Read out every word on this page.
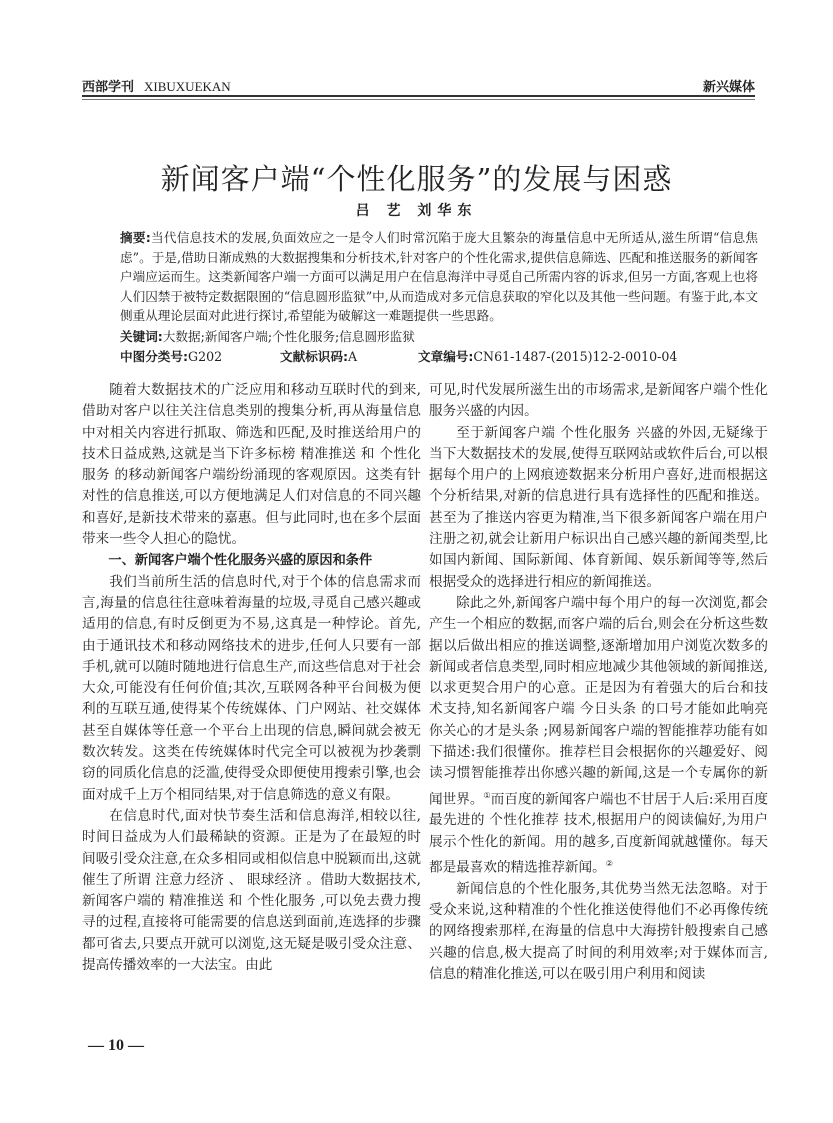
西部学刊 XIBUXUEKAN	新兴媒体
新闻客户端“个性化服务”的发展与困惑
吕 艺 刘华东

摘要:当代信息技术的发展,负面效应之一是令人们时常沉陷于庞大且繁杂的海量信息中无所适从,滋生所谓“信息焦虑”。于是,借助日渐成熟的大数据搜集和分析技术,针对客户的个性化需求,提供信息筛选、匹配和推送服务的新闻客户端应运而生。这类新闻客户端一方面可以满足用户在信息海洋中寻觅自己所需内容的诉求,但另一方面,客观上也将人们囚禁于被特定数据限囿的“信息圆形监狱”中,从而造成对多元信息获取的窄化以及其他一些问题。有鉴于此,本文侧重从理论层面对此进行探讨,希望能为破解这一难题提供一些思路。

关键词:大数据;新闻客户端;个性化服务;信息圆形监狱
中图分类号:G202	文献标识码:A	文章编号:CN61-1487-(2015)12-2-0010-04

随着大数据技术的广泛应用和移动互联时代的到来,借助对客户以往关注信息类别的搜集分析,再从海量信息中对相关内容进行抓取、筛选和匹配,及时推送给用户的技术日益成熟,这就是当下许多标榜 精准推送 和 个性化服务 的移动新闻客户端纷纷涌现的客观原因。这类有针对性的信息推送,可以方便地满足人们对信息的不同兴趣和喜好,是新技术带来的嘉惠。但与此同时,也在多个层面带来一些令人担心的隐忧。

一、新闻客户端个性化服务兴盛的原因和条件

我们当前所生活的信息时代,对于个体的信息需求而言,海量的信息往往意味着海量的垃圾,寻觅自己感兴趣或适用的信息,有时反倒更为不易,这真是一种悖论。首先,由于通讯技术和移动网络技术的进步,任何人只要有一部手机,就可以随时随地进行信息生产,而这些信息对于社会大众,可能没有任何价值;其次,互联网各种平台间极为便利的互联互通,使得某个传统媒体、门户网站、社交媒体甚至自媒体等任意一个平台上出现的信息,瞬间就会被无数次转发。这类在传统媒体时代完全可以被视为抄袭剽窃的同质化信息的泛滥,使得受众即便使用搜索引擎,也会面对成千上万个相同结果,对于信息筛选的意义有限。

在信息时代,面对快节奏生活和信息海洋,相较以往,时间日益成为人们最稀缺的资源。正是为了在最短的时间吸引受众注意,在众多相同或相似信息中脱颖而出,这就催生了所谓 注意力经济 、 眼球经济 。借助大数据技术,新闻客户端的 精准推送 和 个性化服务 ,可以免去费力搜寻的过程,直接将可能需要的信息送到面前,连选择的步骤都可省去,只要点开就可以浏览,这无疑是吸引受众注意、提高传播效率的一大法宝。由此

可见,时代发展所滋生出的市场需求,是新闻客户端个性化服务兴盛的内因。

至于新闻客户端 个性化服务 兴盛的外因,无疑缘于当下大数据技术的发展,使得互联网站或软件后台,可以根据每个用户的上网痕迹数据来分析用户喜好,进而根据这个分析结果,对新的信息进行具有选择性的匹配和推送。甚至为了推送内容更为精准,当下很多新闻客户端在用户注册之初,就会让新用户标识出自己感兴趣的新闻类型,比如国内新闻、国际新闻、体育新闻、娱乐新闻等等,然后根据受众的选择进行相应的新闻推送。

除此之外,新闻客户端中每个用户的每一次浏览,都会产生一个相应的数据,而客户端的后台,则会在分析这些数据以后做出相应的推送调整,逐渐增加用户浏览次数多的新闻或者信息类型,同时相应地减少其他领域的新闻推送,以求更契合用户的心意。正是因为有着强大的后台和技术支持,知名新闻客户端 今日头条 的口号才能如此响亮 你关心的才是头条 ;网易新闻客户端的智能推荐功能有如下描述:我们很懂你。推荐栏目会根据你的兴趣爱好、阅读习惯智能推荐出你感兴趣的新闻,这是一个专属你的新闻世界。①而百度的新闻客户端也不甘居于人后:采用百度最先进的 个性化推荐 技术,根据用户的阅读偏好,为用户展示个性化的新闻。用的越多,百度新闻就越懂你。每天都是最喜欢的精选推荐新闻。②

新闻信息的个性化服务,其优势当然无法忽略。对于受众来说,这种精准的个性化推送使得他们不必再像传统的网络搜索那样,在海量的信息中大海捞针般搜索自己感兴趣的信息,极大提高了时间的利用效率;对于媒体而言,信息的精准化推送,可以在吸引用户利用和阅读

— 10 —
